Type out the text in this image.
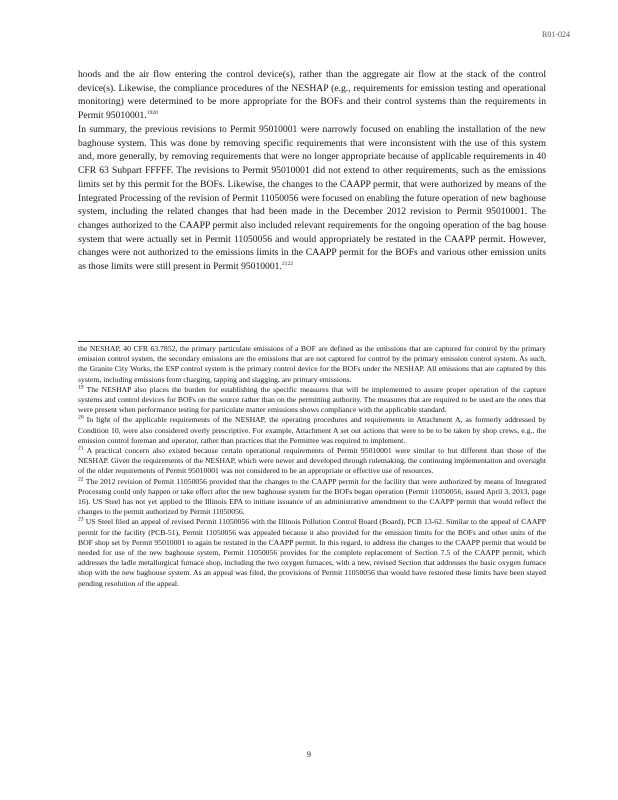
R01-024

hoods and the air flow entering the control device(s), rather than the aggregate air flow at the stack of the control device(s). Likewise, the compliance procedures of the NESHAP (e.g., requirements for emission testing and operational monitoring) were determined to be more appropriate for the BOFs and their control systems than the requirements in Permit 95010001.$^{1920}$

In summary, the previous revisions to Permit 95010001 were narrowly focused on enabling the installation of the new baghouse system. This was done by removing specific requirements that were inconsistent with the use of this system and, more generally, by removing requirements that were no longer appropriate because of applicable requirements in 40 CFR 63 Subpart FFFFF. The revisions to Permit 95010001 did not extend to other requirements, such as the emissions limits set by this permit for the BOFs. Likewise, the changes to the CAAPP permit, that were authorized by means of the Integrated Processing of the revision of Permit 11050056 were focused on enabling the future operation of new baghouse system, including the related changes that had been made in the December 2012 revision to Permit 95010001. The changes authorized to the CAAPP permit also included relevant requirements for the ongoing operation of the bag house system that were actually set in Permit 11050056 and would appropriately be restated in the CAAPP permit. However, changes were not authorized to the emissions limits in the CAAPP permit for the BOFs and various other emission units as those limits were still present in Permit 95010001.$^{2122}$

the NESHAP, 40 CFR 63.7852, the primary particulate emissions of a BOF are defined as the emissions that are captured for control by the primary emission control system, the secondary emissions are the emissions that are not captured for control by the primary emission control system. As such, the Granite City Works, the ESP control system is the primary control device for the BOFs under the NESHAP. All emissions that are captured by this system, including emissions from charging, tapping and slagging, are primary emissions.

$^{19}$ The NESHAP also places the burden for establishing the specific measures that will be implemented to assure proper operation of the capture systems and control devices for BOFs on the source rather than on the permitting authority. The measures that are required to be used are the ones that were present when performance testing for particulate matter emissions shows compliance with the applicable standard.

$^{20}$ In light of the applicable requirements of the NESHAP, the operating procedures and requirements in Attachment A, as formerly addressed by Condition 10, were also considered overly prescriptive. For example, Attachment A set out actions that were to be to be taken by shop crews, e.g., the emission control foreman and operator, rather than practices that the Permittee was required to implement.

$^{21}$ A practical concern also existed because certain operational requirements of Permit 95010001 were similar to but different than those of the NESHAP. Given the requirements of the NESHAP, which were newer and developed through rulemaking, the continuing implementation and oversight of the older requirements of Permit 95010001 was not considered to be an appropriate or effective use of resources.

$^{22}$ The 2012 revision of Permit 11050056 provided that the changes to the CAAPP permit for the facility that were authorized by means of Integrated Processing could only happen or take effect after the new baghouse system for the BOFs began operation (Permit 11050056, issued April 3, 2013, page 16). US Steel has not yet applied to the Illinois EPA to initiate issuance of an administrative amendment to the CAAPP permit that would reflect the changes to the permit authorized by Permit 11050056.

$^{23}$ US Steel filed an appeal of revised Permit 11050056 with the Illinois Pollution Control Board (Board), PCB 13-62. Similar to the appeal of CAAPP permit for the facility (PCB-51), Permit 11050056 was appealed because it also provided for the emission limits for the BOFs and other units of the BOF shop set by Permit 95010001 to again be restated in the CAAPP permit. In this regard, to address the changes to the CAAPP permit that would be needed for use of the new baghouse system, Permit 11050056 provides for the complete replacement of Section 7.5 of the CAAPP permit, which addresses the ladle metallurgical furnace shop, including the two oxygen furnaces, with a new, revised Section that addresses the basic oxygen furnace shop with the new baghouse system. As an appeal was filed, the provisions of Permit 11050056 that would have restored these limits have been stayed pending resolution of the appeal.

9
